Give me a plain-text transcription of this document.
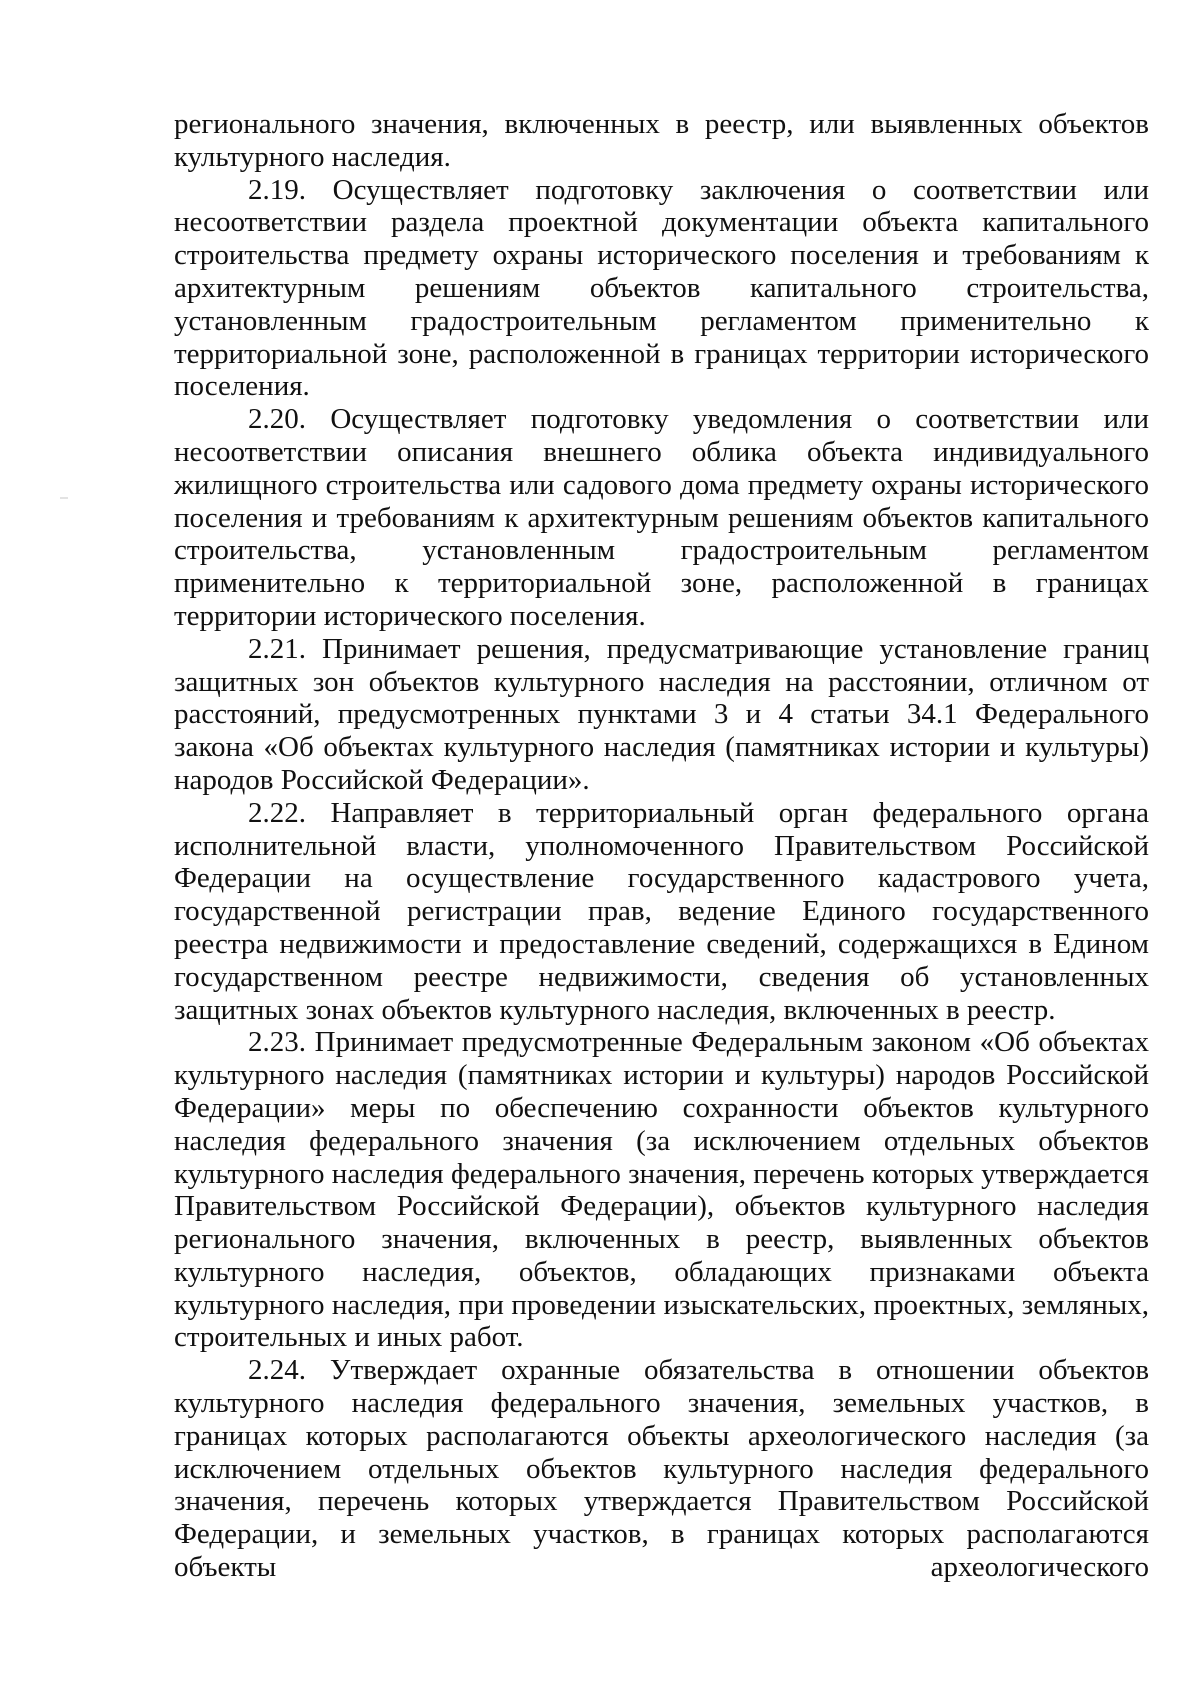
регионального значения, включенных в реестр, или выявленных объектов культурного наследия.

2.19. Осуществляет подготовку заключения о соответствии или несоответствии раздела проектной документации объекта капитального строительства предмету охраны исторического поселения и требованиям к архитектурным решениям объектов капитального строительства, установленным градостроительным регламентом применительно к территориальной зоне, расположенной в границах территории исторического поселения.

2.20. Осуществляет подготовку уведомления о соответствии или несоответствии описания внешнего облика объекта индивидуального жилищного строительства или садового дома предмету охраны исторического поселения и требованиям к архитектурным решениям объектов капитального строительства, установленным градостроительным регламентом применительно к территориальной зоне, расположенной в границах территории исторического поселения.

2.21. Принимает решения, предусматривающие установление границ защитных зон объектов культурного наследия на расстоянии, отличном от расстояний, предусмотренных пунктами 3 и 4 статьи 34.1 Федерального закона «Об объектах культурного наследия (памятниках истории и культуры) народов Российской Федерации».

2.22. Направляет в территориальный орган федерального органа исполнительной власти, уполномоченного Правительством Российской Федерации на осуществление государственного кадастрового учета, государственной регистрации прав, ведение Единого государственного реестра недвижимости и предоставление сведений, содержащихся в Едином государственном реестре недвижимости, сведения об установленных защитных зонах объектов культурного наследия, включенных в реестр.

2.23. Принимает предусмотренные Федеральным законом «Об объектах культурного наследия (памятниках истории и культуры) народов Российской Федерации» меры по обеспечению сохранности объектов культурного наследия федерального значения (за исключением отдельных объектов культурного наследия федерального значения, перечень которых утверждается Правительством Российской Федерации), объектов культурного наследия регионального значения, включенных в реестр, выявленных объектов культурного наследия, объектов, обладающих признаками объекта культурного наследия, при проведении изыскательских, проектных, земляных, строительных и иных работ.

2.24. Утверждает охранные обязательства в отношении объектов культурного наследия федерального значения, земельных участков, в границах которых располагаются объекты археологического наследия (за исключением отдельных объектов культурного наследия федерального значения, перечень которых утверждается Правительством Российской Федерации, и земельных участков, в границах которых располагаются объекты археологического
